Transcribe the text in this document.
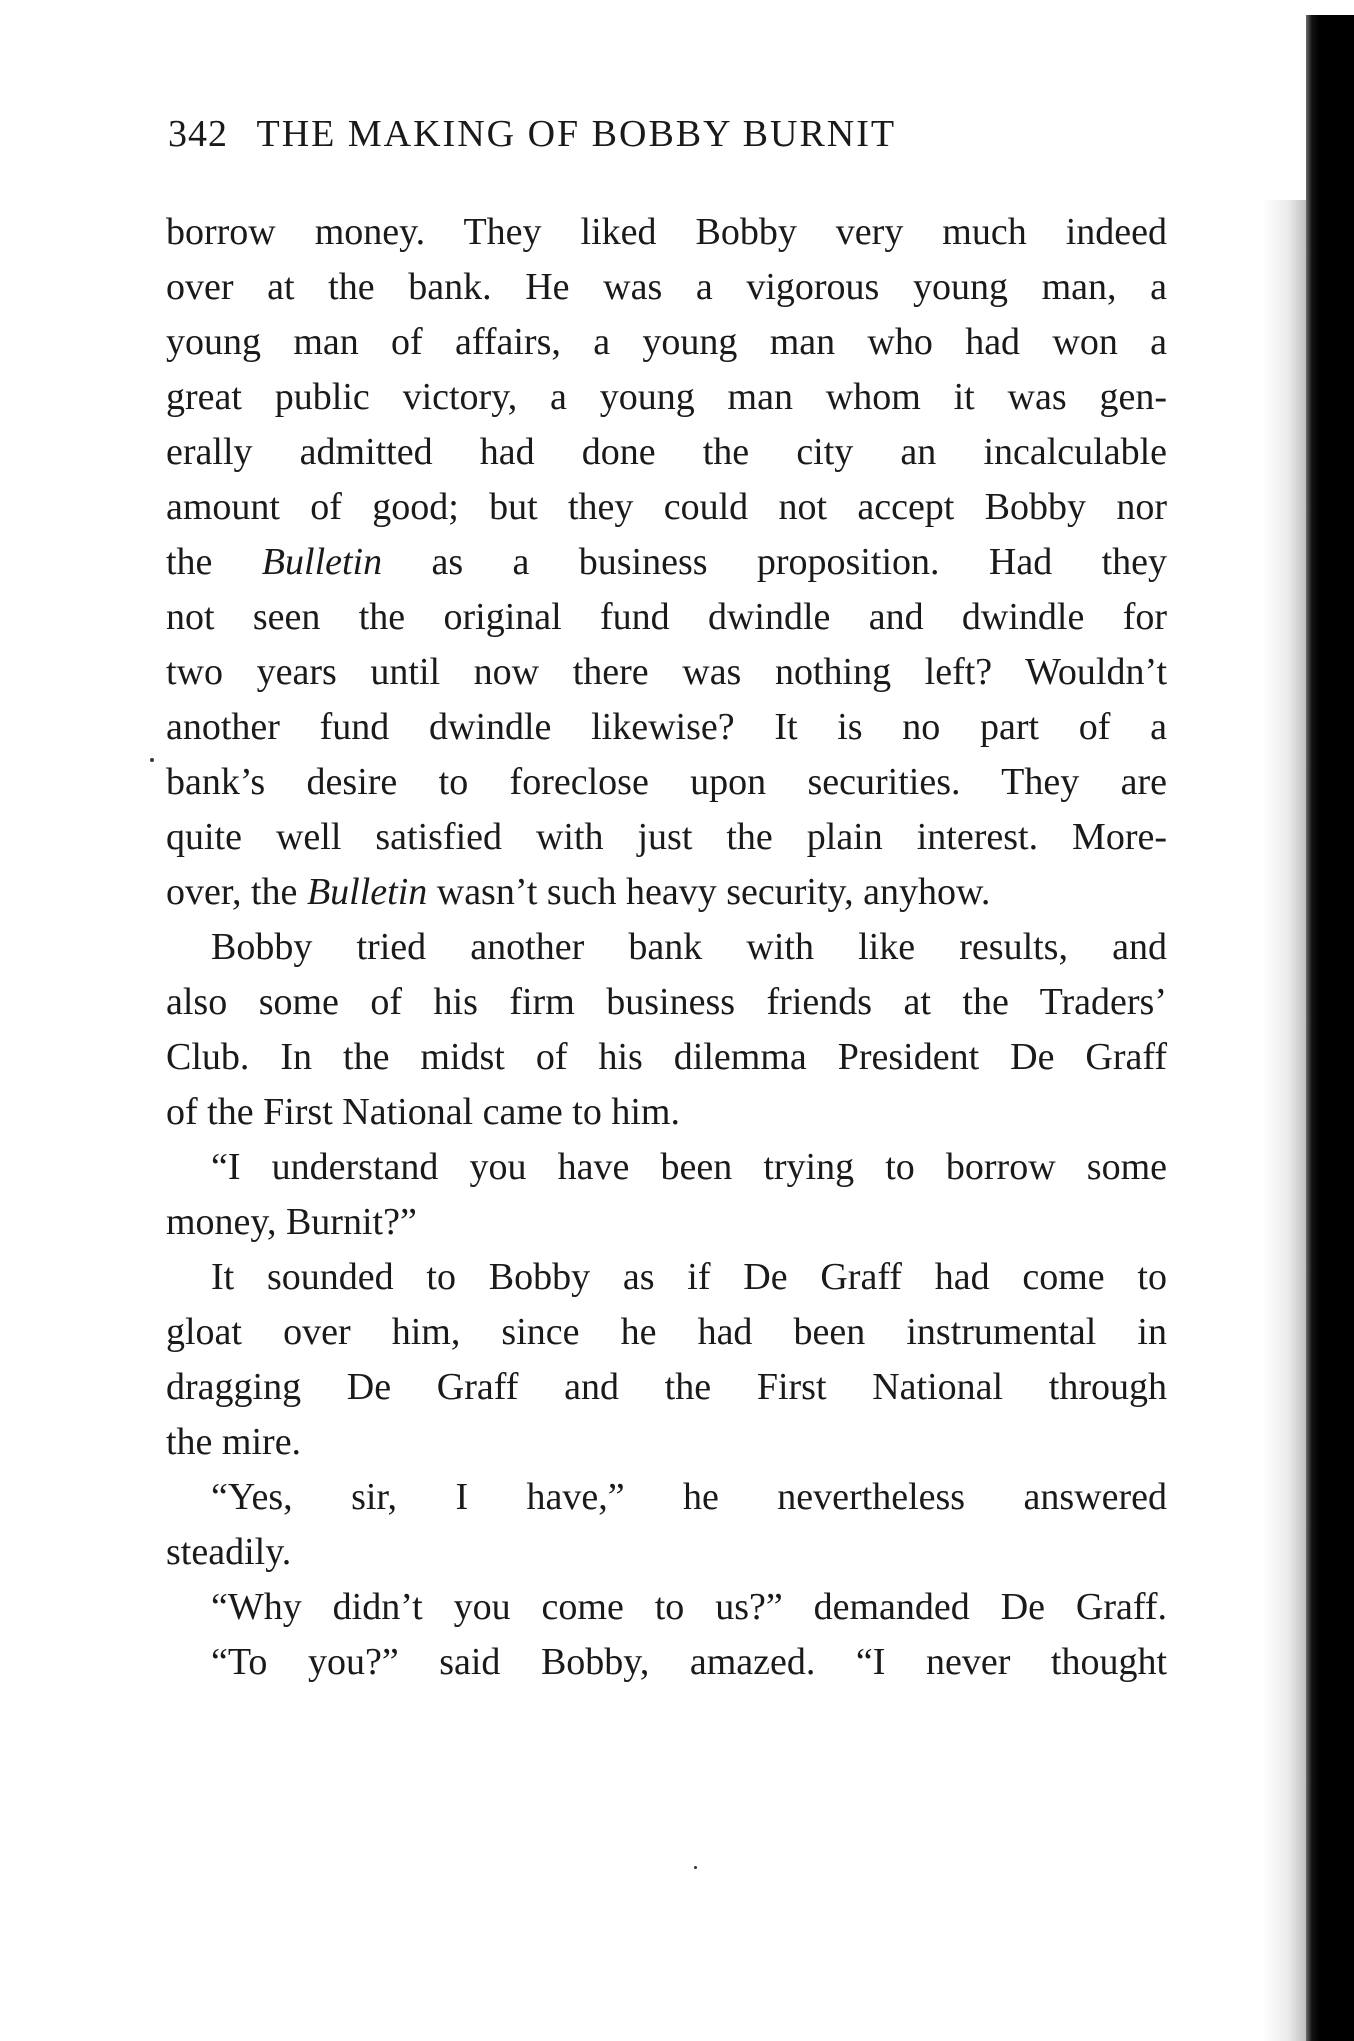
342 THE MAKING OF BOBBY BURNIT
borrow money. They liked Bobby very much indeed
over at the bank. He was a vigorous young man, a
young man of affairs, a young man who had won a
great public victory, a young man whom it was gen-
erally admitted had done the city an incalculable
amount of good; but they could not accept Bobby nor
the Bulletin as a business proposition. Had they
not seen the original fund dwindle and dwindle for
two years until now there was nothing left? Wouldn’t
another fund dwindle likewise? It is no part of a
bank’s desire to foreclose upon securities. They are
quite well satisfied with just the plain interest. More-
over, the Bulletin wasn’t such heavy security, anyhow.
Bobby tried another bank with like results, and
also some of his firm business friends at the Traders’
Club. In the midst of his dilemma President De Graff
of the First National came to him.
“I understand you have been trying to borrow some
money, Burnit?”
It sounded to Bobby as if De Graff had come to
gloat over him, since he had been instrumental in
dragging De Graff and the First National through
the mire.
“Yes, sir, I have,” he nevertheless answered
steadily.
“Why didn’t you come to us?” demanded De Graff.
“To you?” said Bobby, amazed. “I never thought
